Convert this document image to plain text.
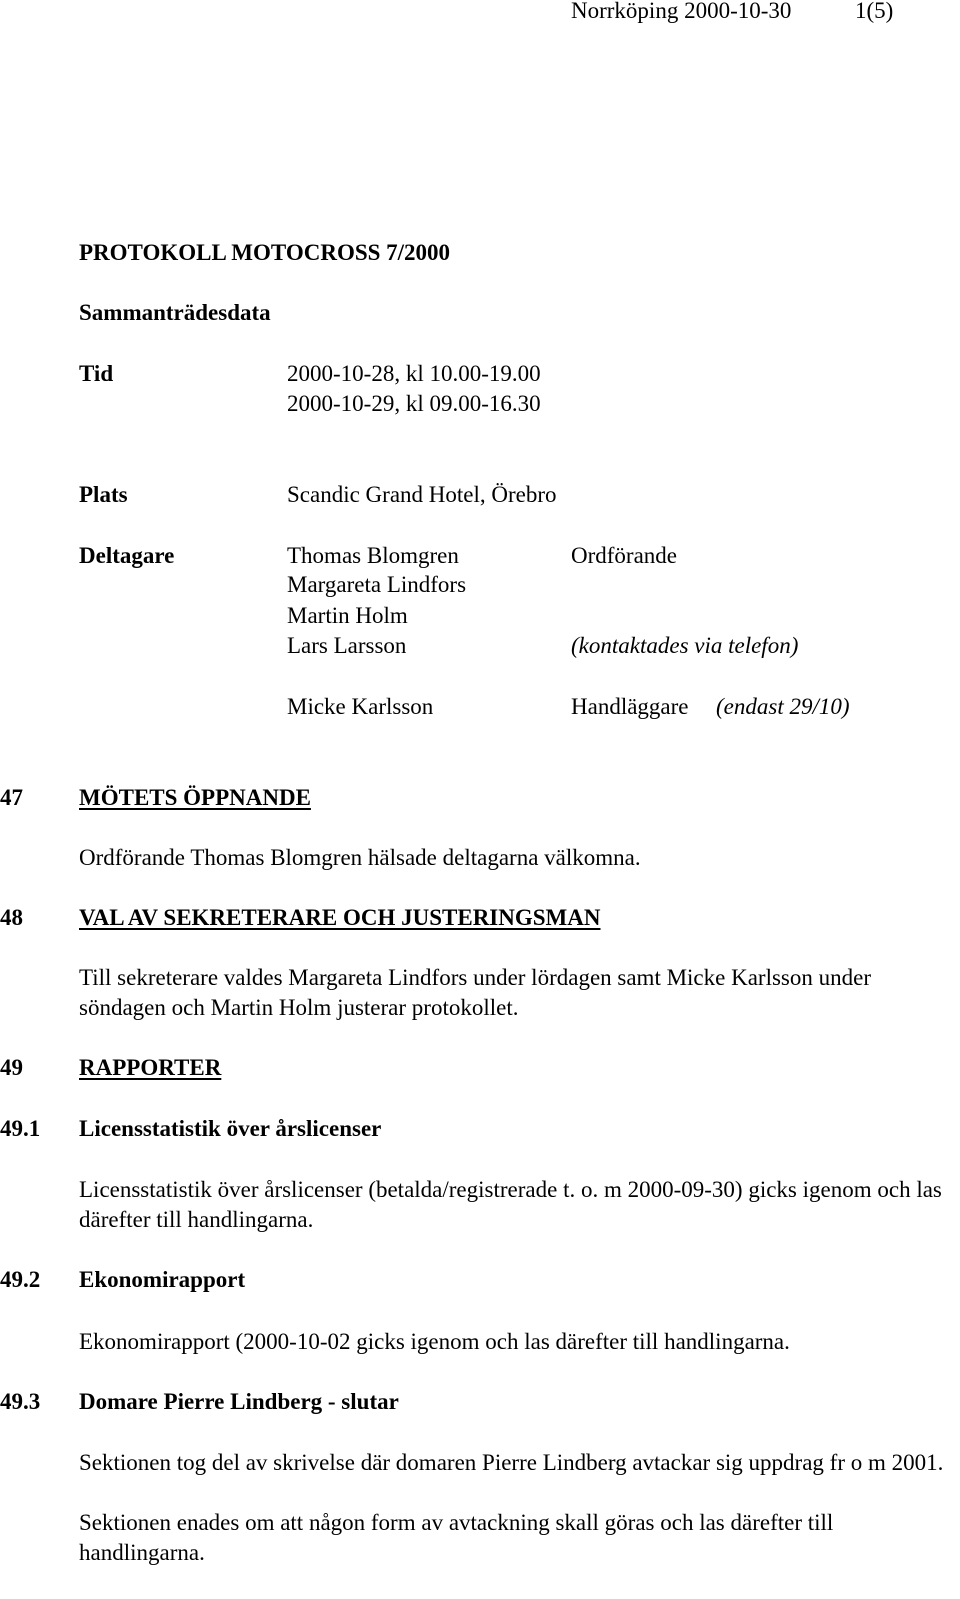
Norrköping 2000-10-30	1(5)
PROTOKOLL MOTOCROSS 7/2000
Sammanträdesdata
Tid	2000-10-28, kl 10.00-19.00
2000-10-29, kl 09.00-16.30
Plats	Scandic Grand Hotel, Örebro
Deltagare	Thomas Blomgren	Ordförande
Margareta Lindfors
Martin Holm
Lars Larsson	(kontaktades via telefon)
Micke Karlsson	Handläggare (endast 29/10)
47 MÖTETS ÖPPNANDE
Ordförande Thomas Blomgren hälsade deltagarna välkomna.
48 VAL AV SEKRETERARE OCH JUSTERINGSMAN
Till sekreterare valdes Margareta Lindfors under lördagen samt Micke Karlsson under söndagen och Martin Holm justerar protokollet.
49 RAPPORTER
49.1 Licensstatistik över årslicenser
Licensstatistik över årslicenser (betalda/registrerade t. o. m 2000-09-30) gicks igenom och las därefter till handlingarna.
49.2 Ekonomirapport
Ekonomirapport (2000-10-02 gicks igenom och las därefter till handlingarna.
49.3 Domare Pierre Lindberg - slutar
Sektionen tog del av skrivelse där domaren Pierre Lindberg avtackar sig uppdrag fr o m 2001.
Sektionen enades om att någon form av avtackning skall göras och las därefter till handlingarna.
